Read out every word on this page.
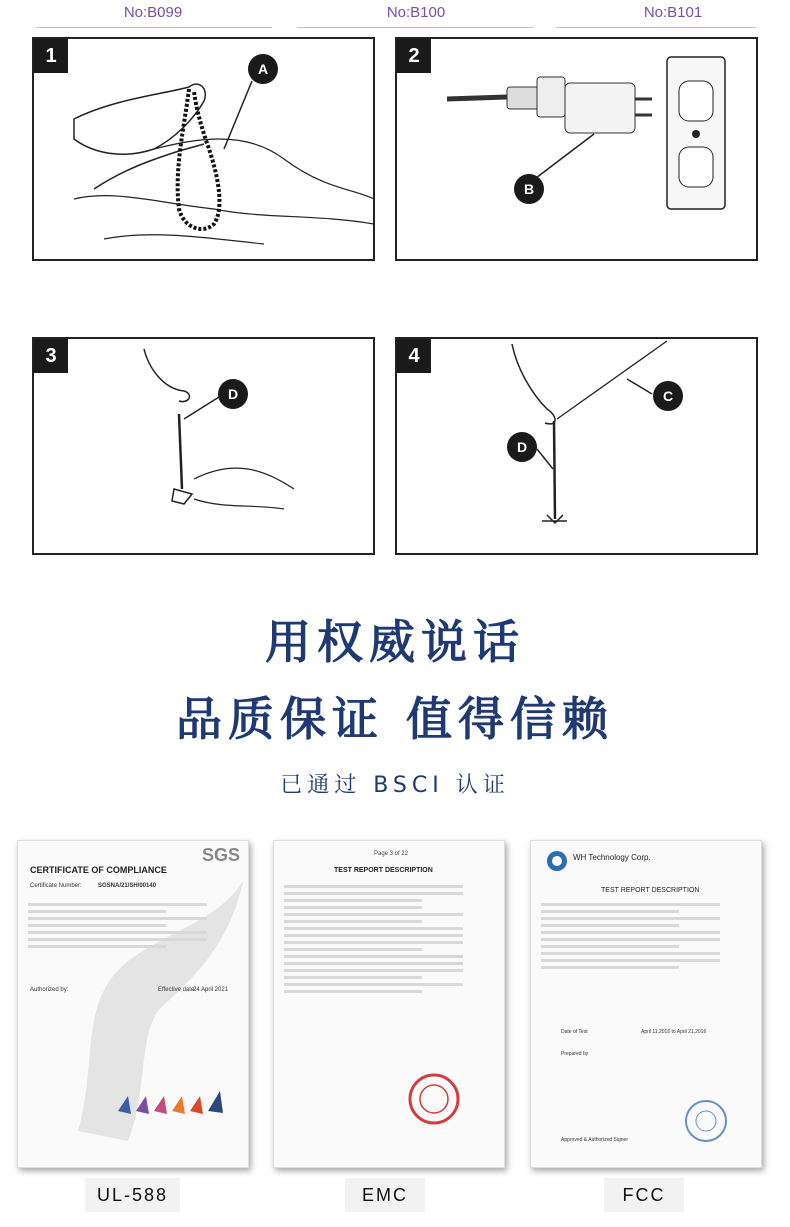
No:B099	No:B100	No:B101
1
A
2
B
3
D
4
C
D
用权威说话
品质保证 值得信赖
已通过 BSCI 认证
SGS
CERTIFICATE OF COMPLIANCE
Certificate Number:	SGSNA/21/SH/00140
Authorized by:	Effective date:
24 April 2021
Page 3 of 22
TEST REPORT DESCRIPTION
WH Technology Corp.
TEST REPORT DESCRIPTION
Date of Test	April 11,2016 to April 21,2016
Prepared by
Approved & Authorized Signer
UL-588	EMC	FCC
